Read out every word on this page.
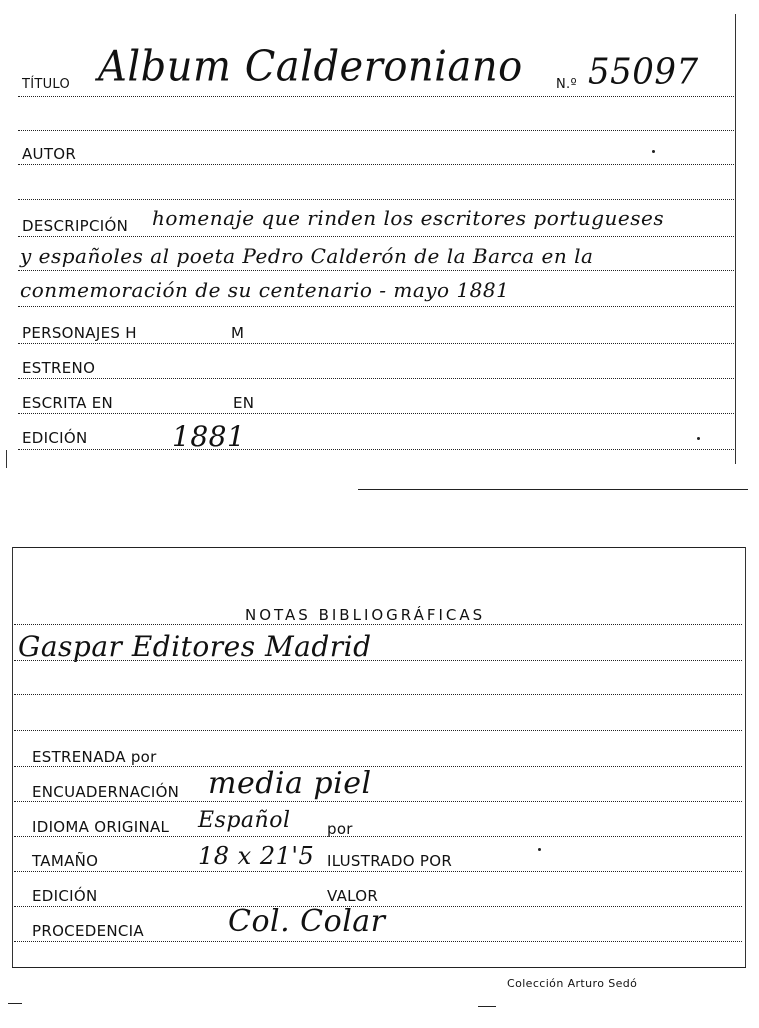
TÍTULO Album Calderoniano	N.º 55097
AUTOR
DESCRIPCIÓN homenaje que rinden los escritores portugueses
y españoles al poeta Pedro Calderón de la Barca en la
conmemoración de su centenario - mayo 1881
PERSONAJES H	M
ESTRENO
ESCRITA EN	EN
EDICIÓN	1881
NOTAS BIBLIOGRÁFICAS
Gaspar Editores Madrid
ESTRENADA por
ENCUADERNACIÓN media piel
IDIOMA ORIGINAL Español por
TAMAÑO	18 x 21'5 ILUSTRADO POR
EDICIÓN	VALOR
PROCEDENCIA	Col. Colar
Colección Arturo Sedó
